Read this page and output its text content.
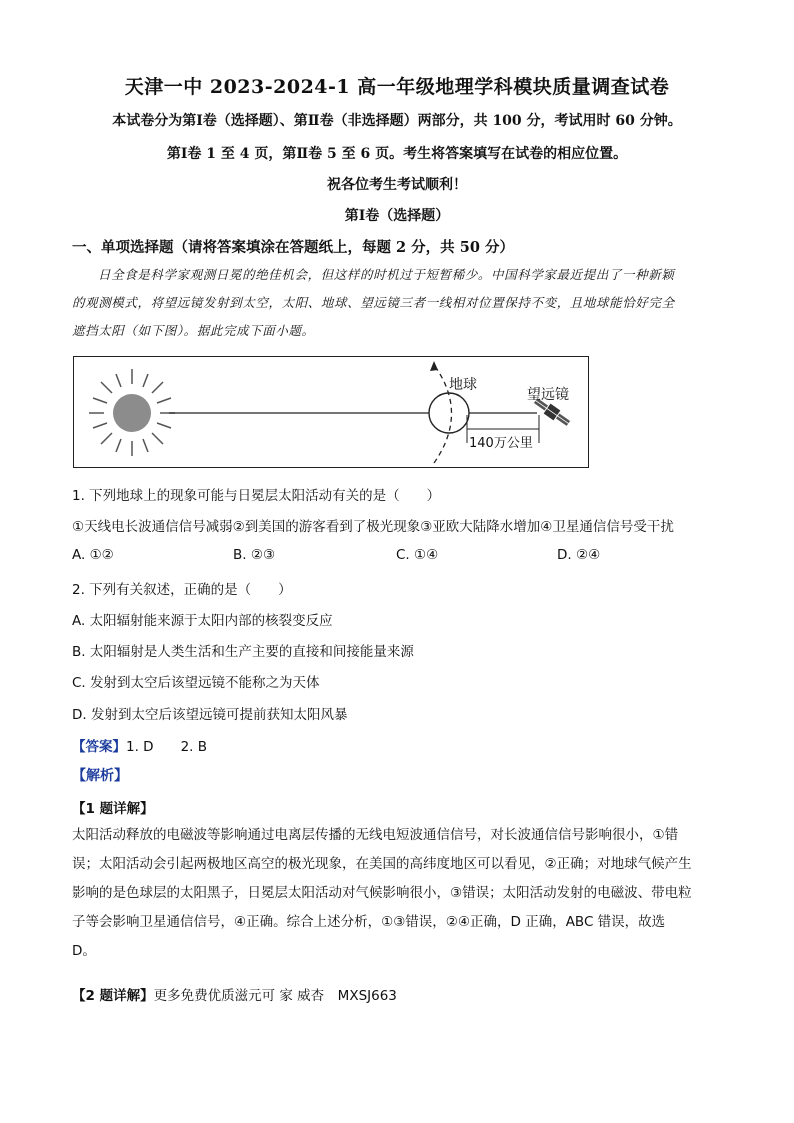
天津一中 2023-2024-1 高一年级地理学科模块质量调查试卷
本试卷分为第Ⅰ卷（选择题）、第Ⅱ卷（非选择题）两部分，共 100 分，考试用时 60 分钟。
第Ⅰ卷 1 至 4 页，第Ⅱ卷 5 至 6 页。考生将答案填写在试卷的相应位置。
祝各位考生考试顺利！
第Ⅰ卷（选择题）
一、单项选择题（请将答案填涂在答题纸上，每题 2 分，共 50 分）

日全食是科学家观测日冕的绝佳机会，但这样的时机过于短暂稀少。中国科学家最近提出了一种新颖

的观测模式，将望远镜发射到太空，太阳、地球、望远镜三者一线相对位置保持不变，且地球能恰好完全

遮挡太阳（如下图）。据此完成下面小题。

地球
望远镜
140万公里
1. 下列地球上的现象可能与日冕层太阳活动有关的是（　　）
①天线电长波通信信号减弱②到美国的游客看到了极光现象③亚欧大陆降水增加④卫星通信信号受干扰
A. ①②	B. ②③	C. ①④	D. ②④
2. 下列有关叙述，正确的是（　　）
A. 太阳辐射能来源于太阳内部的核裂变反应
B. 太阳辐射是人类生活和生产主要的直接和间接能量来源
C. 发射到太空后该望远镜不能称之为天体
D. 发射到太空后该望远镜可提前获知太阳风暴
【答案】1. D　　2. B
【解析】
【1 题详解】

太阳活动释放的电磁波等影响通过电离层传播的无线电短波通信信号，对长波通信信号影响很小，①错

误；太阳活动会引起两极地区高空的极光现象，在美国的高纬度地区可以看见，②正确；对地球气候产生

影响的是色球层的太阳黑子，日冕层太阳活动对气候影响很小，③错误；太阳活动发射的电磁波、带电粒

子等会影响卫星通信信号，④正确。综合上述分析，①③错误，②④正确，D 正确，ABC 错误，故选

D。

【2 题详解】更多免费优质滋元可 家 威杏　MXSJ663
